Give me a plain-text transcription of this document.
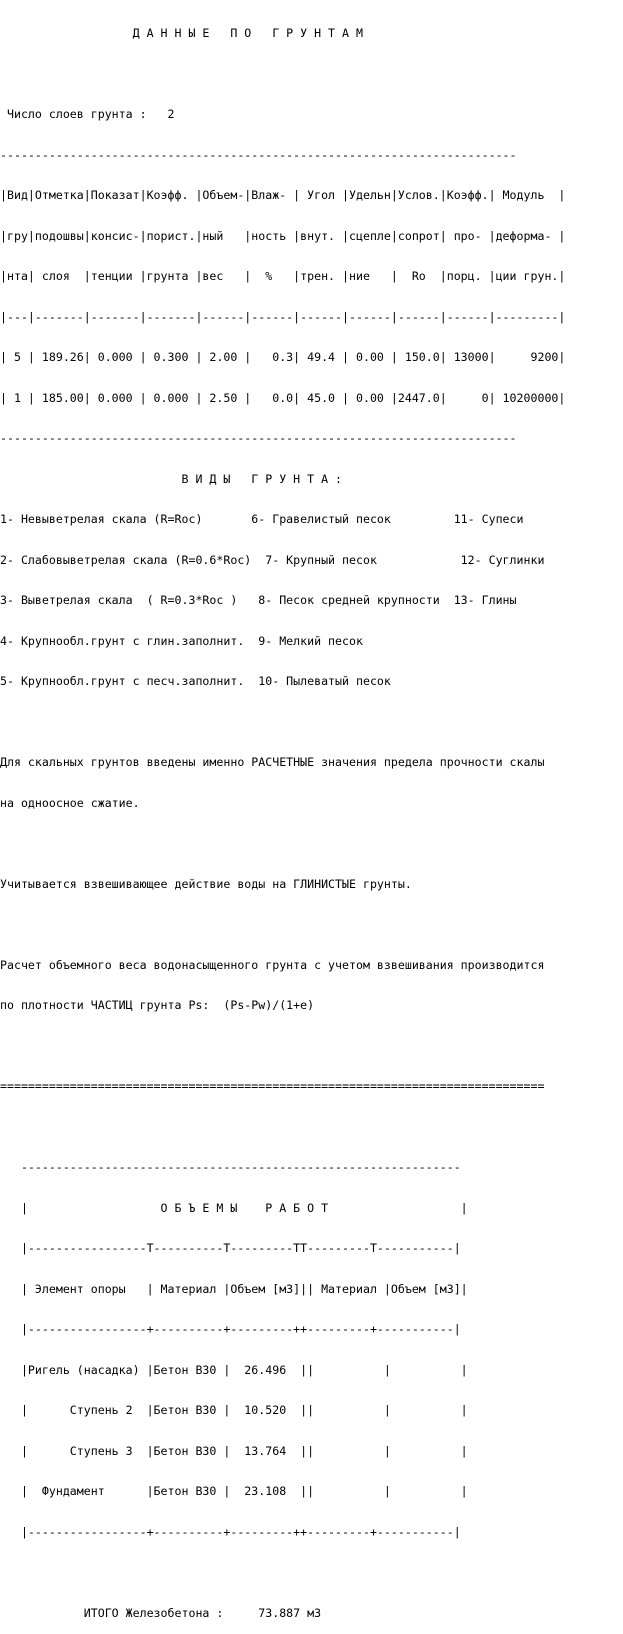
Д А Н Н Ы Е   П О   Г Р У Н Т А М

Число слоев грунта :   2

--------------------------------------------------------------------------

|Вид|Отметка|Показат|Коэфф. |Объем-|Влаж- | Угол |Удельн|Услов.|Коэфф.| Модуль  |

|гру|подошвы|консис-|порист.|ный   |ность |внут. |сцепле|сопрот| про- |деформа- |

|нта| слоя  |тенции |грунта |вес   |  %   |трен. |ние   |  Ro  |порц. |ции грун.|

|---|-------|-------|-------|------|------|------|------|------|------|---------|

| 5 | 189.26| 0.000 | 0.300 | 2.00 |   0.3| 49.4 | 0.00 | 150.0| 13000|     9200|

| 1 | 185.00| 0.000 | 0.000 | 2.50 |   0.0| 45.0 | 0.00 |2447.0|     0| 10200000|

--------------------------------------------------------------------------

В И Д Ы   Г Р У Н Т А :

1- Невыветрелая скала (R=Roc)       6- Гравелистый песок         11- Супеси

2- Слабовыветрелая скала (R=0.6*Roc)  7- Крупный песок            12- Суглинки

3- Выветрелая скала  ( R=0.3*Roc )   8- Песок средней крупности  13- Глины

4- Крупнообл.грунт с глин.заполнит.  9- Мелкий песок

5- Крупнообл.грунт с песч.заполнит.  10- Пылеватый песок

Для скальных грунтов введены именно РАСЧЕТНЫЕ значения предела прочности скалы

на одноосное сжатие.

Учитывается взвешивающее действие воды на ГЛИНИСТЫЕ грунты.

Расчет объемного веса водонасыщенного грунта с учетом взвешивания производится

по плотности ЧАСТИЦ грунта Ps:  (Ps-Pw)/(1+e)

==============================================================================

---------------------------------------------------------------

|                   О Б Ъ Е М Ы    Р А Б О Т                   |

|-----------------T----------T---------TT---------T-----------|

| Элемент опоры   | Материал |Объем [м3]|| Материал |Объем [м3]|

|-----------------+----------+---------++---------+-----------|

|Ригель (насадка) |Бетон В30 |  26.496  ||          |          |

|      Ступень 2  |Бетон В30 |  10.520  ||          |          |

|      Ступень 3  |Бетон В30 |  13.764  ||          |          |

|  Фундамент      |Бетон В30 |  23.108  ||          |          |

|-----------------+----------+---------++---------+-----------|

ИТОГО Железобетона :     73.887 м3
